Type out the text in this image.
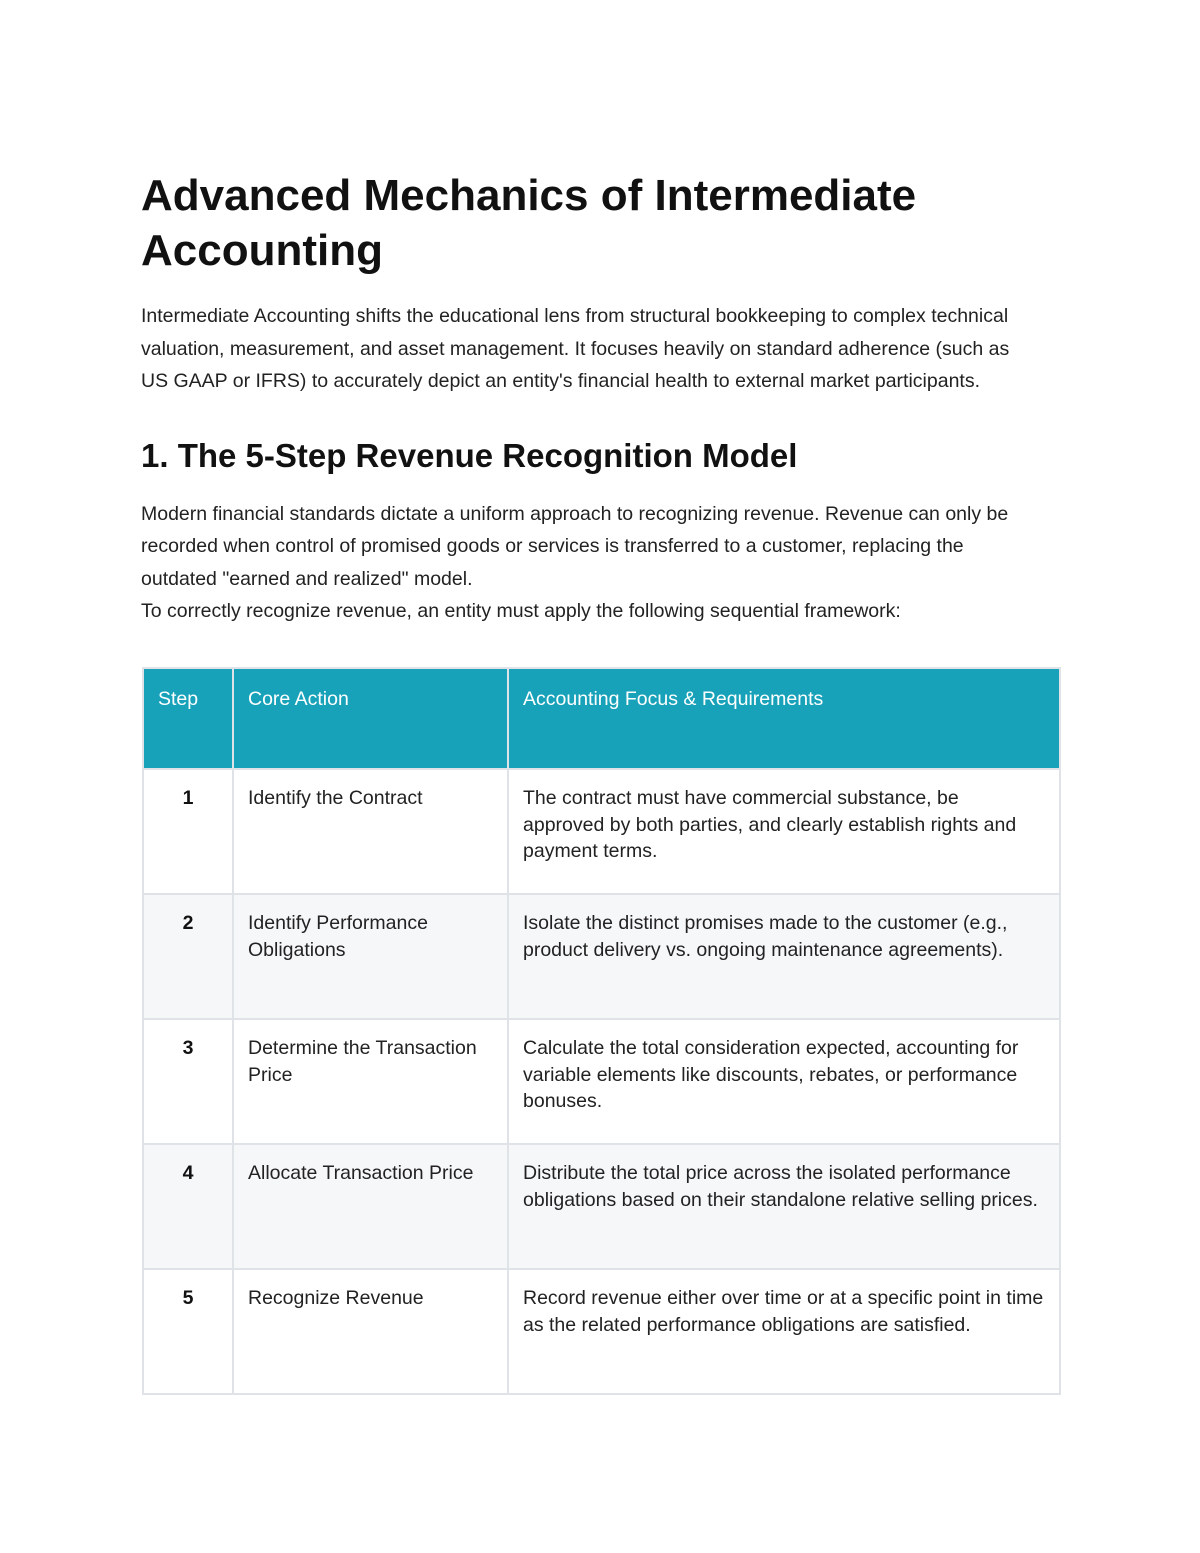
Advanced Mechanics of Intermediate Accounting

Intermediate Accounting shifts the educational lens from structural bookkeeping to complex technical valuation, measurement, and asset management. It focuses heavily on standard adherence (such as US GAAP or IFRS) to accurately depict an entity's financial health to external market participants.

1. The 5-Step Revenue Recognition Model

Modern financial standards dictate a uniform approach to recognizing revenue. Revenue can only be recorded when control of promised goods or services is transferred to a customer, replacing the outdated "earned and realized" model.

To correctly recognize revenue, an entity must apply the following sequential framework:

Step	Core Action	Accounting Focus & Requirements
1	Identify the Contract	The contract must have commercial substance, be approved by both parties, and clearly establish rights and payment terms.
2	Identify Performance Obligations	Isolate the distinct promises made to the customer (e.g., product delivery vs. ongoing maintenance agreements).
3	Determine the Transaction Price	Calculate the total consideration expected, accounting for variable elements like discounts, rebates, or performance bonuses.
4	Allocate Transaction Price	Distribute the total price across the isolated performance obligations based on their standalone relative selling prices.
5	Recognize Revenue	Record revenue either over time or at a specific point in time as the related performance obligations are satisfied.
